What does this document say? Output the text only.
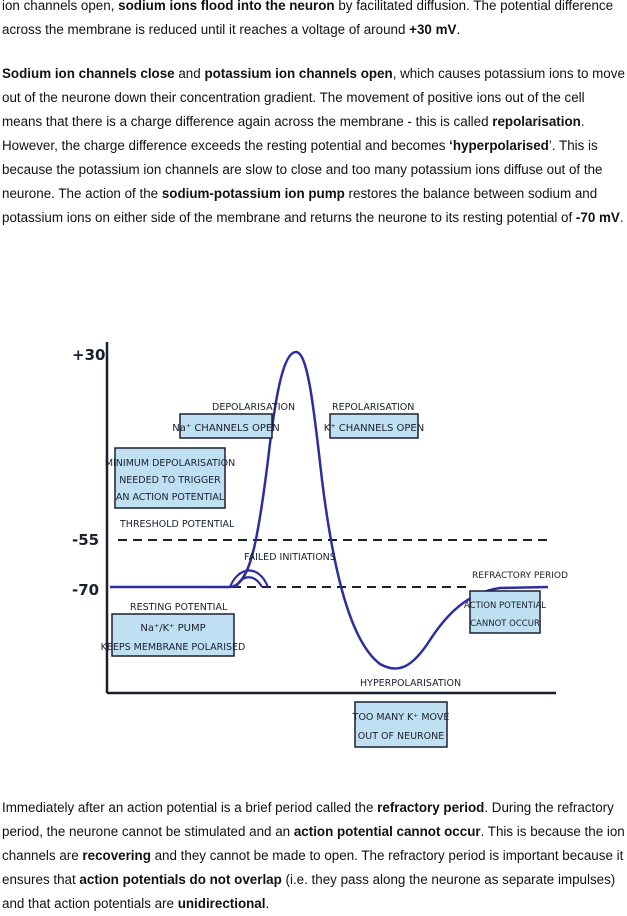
ion channels open, sodium ions flood into the neuron by facilitated diffusion. The potential difference across the membrane is reduced until it reaches a voltage of around +30 mV.

Sodium ion channels close and potassium ion channels open, which causes potassium ions to move out of the neurone down their concentration gradient. The movement of positive ions out of the cell means that there is a charge difference again across the membrane - this is called repolarisation. However, the charge difference exceeds the resting potential and becomes ‘hyperpolarised’. This is because the potassium ion channels are slow to close and too many potassium ions diffuse out of the neurone. The action of the sodium-potassium ion pump restores the balance between sodium and potassium ions on either side of the membrane and returns the neurone to its resting potential of -70 mV.

+30
-55
-70
DEPOLARISATION	REPOLARISATION
THRESHOLD POTENTIAL
FAILED INITIATIONS
REFRACTORY PERIOD
RESTING POTENTIAL
HYPERPOLARISATION
Na⁺ CHANNELS OPEN	K⁺ CHANNELS OPEN
MINIMUM DEPOLARISATION
NEEDED TO TRIGGER
AN ACTION POTENTIAL
Na⁺/K⁺ PUMP
KEEPS MEMBRANE POLARISED
ACTION POTENTIAL
CANNOT OCCUR
TOO MANY K⁺ MOVE
OUT OF NEURONE

Immediately after an action potential is a brief period called the refractory period. During the refractory period, the neurone cannot be stimulated and an action potential cannot occur. This is because the ion channels are recovering and they cannot be made to open. The refractory period is important because it ensures that action potentials do not overlap (i.e. they pass along the neurone as separate impulses) and that action potentials are unidirectional.
